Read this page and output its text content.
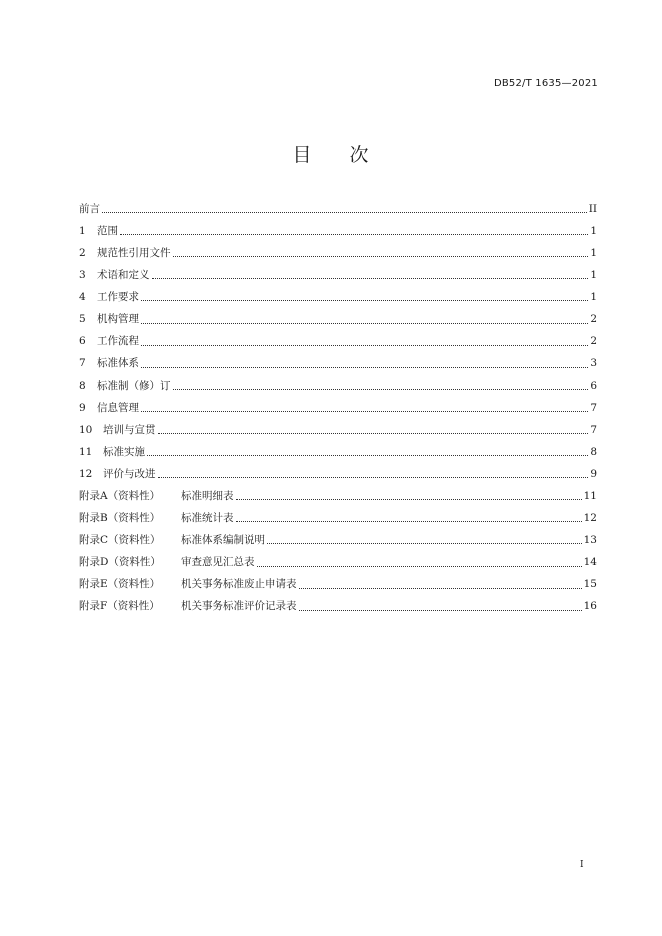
DB52/T 1635—2021
目 次
前言	II
1	范围	1
2	规范性引用文件	1
3	术语和定义	1
4	工作要求	1
5	机构管理	2
6	工作流程	2
7	标准体系	3
8	标准制（修）订	6
9	信息管理	7
10	培训与宣贯	7
11	标准实施	8
12	评价与改进	9
附录A（资料性）	标准明细表	11
附录B（资料性）	标准统计表	12
附录C（资料性）	标准体系编制说明	13
附录D（资料性）	审查意见汇总表	14
附录E（资料性）	机关事务标准废止申请表	15
附录F（资料性）	机关事务标准评价记录表	16
I
